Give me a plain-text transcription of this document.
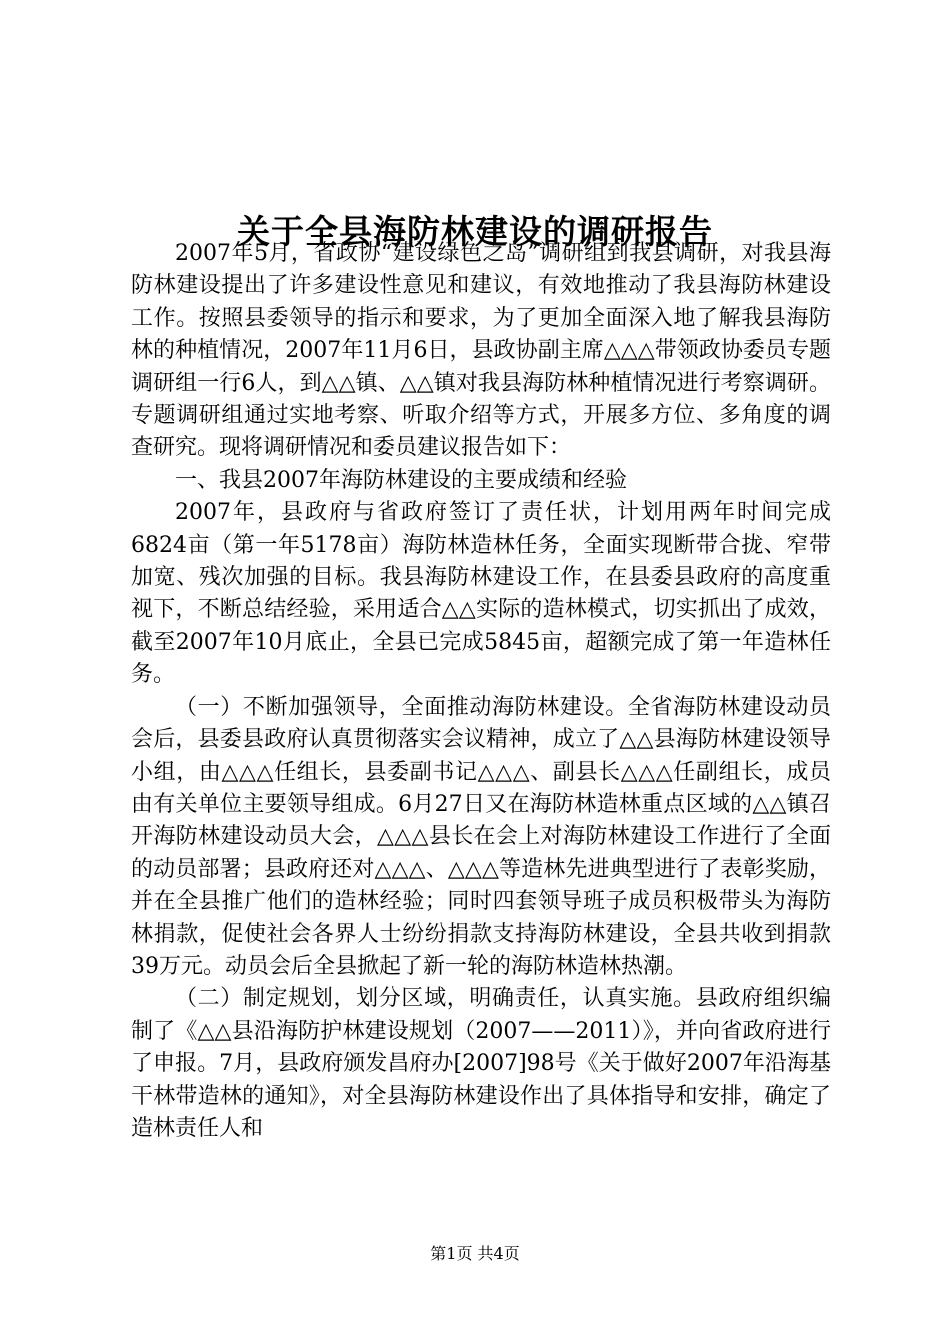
关于全县海防林建设的调研报告

2007年5月，省政协“建设绿色之岛”调研组到我县调研，对我县海防林建设提出了许多建设性意见和建议，有效地推动了我县海防林建设工作。按照县委领导的指示和要求，为了更加全面深入地了解我县海防林的种植情况，2007年11月6日，县政协副主席△△△带领政协委员专题调研组一行6人，到△△镇、△△镇对我县海防林种植情况进行考察调研。专题调研组通过实地考察、听取介绍等方式，开展多方位、多角度的调查研究。现将调研情况和委员建议报告如下：

一、我县2007年海防林建设的主要成绩和经验

2007年，县政府与省政府签订了责任状，计划用两年时间完成6824亩（第一年5178亩）海防林造林任务，全面实现断带合拢、窄带加宽、残次加强的目标。我县海防林建设工作，在县委县政府的高度重视下，不断总结经验，采用适合△△实际的造林模式，切实抓出了成效，截至2007年10月底止，全县已完成5845亩，超额完成了第一年造林任务。

（一）不断加强领导，全面推动海防林建设。全省海防林建设动员会后，县委县政府认真贯彻落实会议精神，成立了△△县海防林建设领导小组，由△△△任组长，县委副书记△△△、副县长△△△任副组长，成员由有关单位主要领导组成。6月27日又在海防林造林重点区域的△△镇召开海防林建设动员大会，△△△县长在会上对海防林建设工作进行了全面的动员部署；县政府还对△△△、△△△等造林先进典型进行了表彰奖励，并在全县推广他们的造林经验；同时四套领导班子成员积极带头为海防林捐款，促使社会各界人士纷纷捐款支持海防林建设，全县共收到捐款39万元。动员会后全县掀起了新一轮的海防林造林热潮。

（二）制定规划，划分区域，明确责任，认真实施。县政府组织编制了《△△县沿海防护林建设规划（2007——2011）》，并向省政府进行了申报。7月，县政府颁发昌府办[2007]98号《关于做好2007年沿海基干林带造林的通知》，对全县海防林建设作出了具体指导和安排，确定了造林责任人和

第1页 共4页
